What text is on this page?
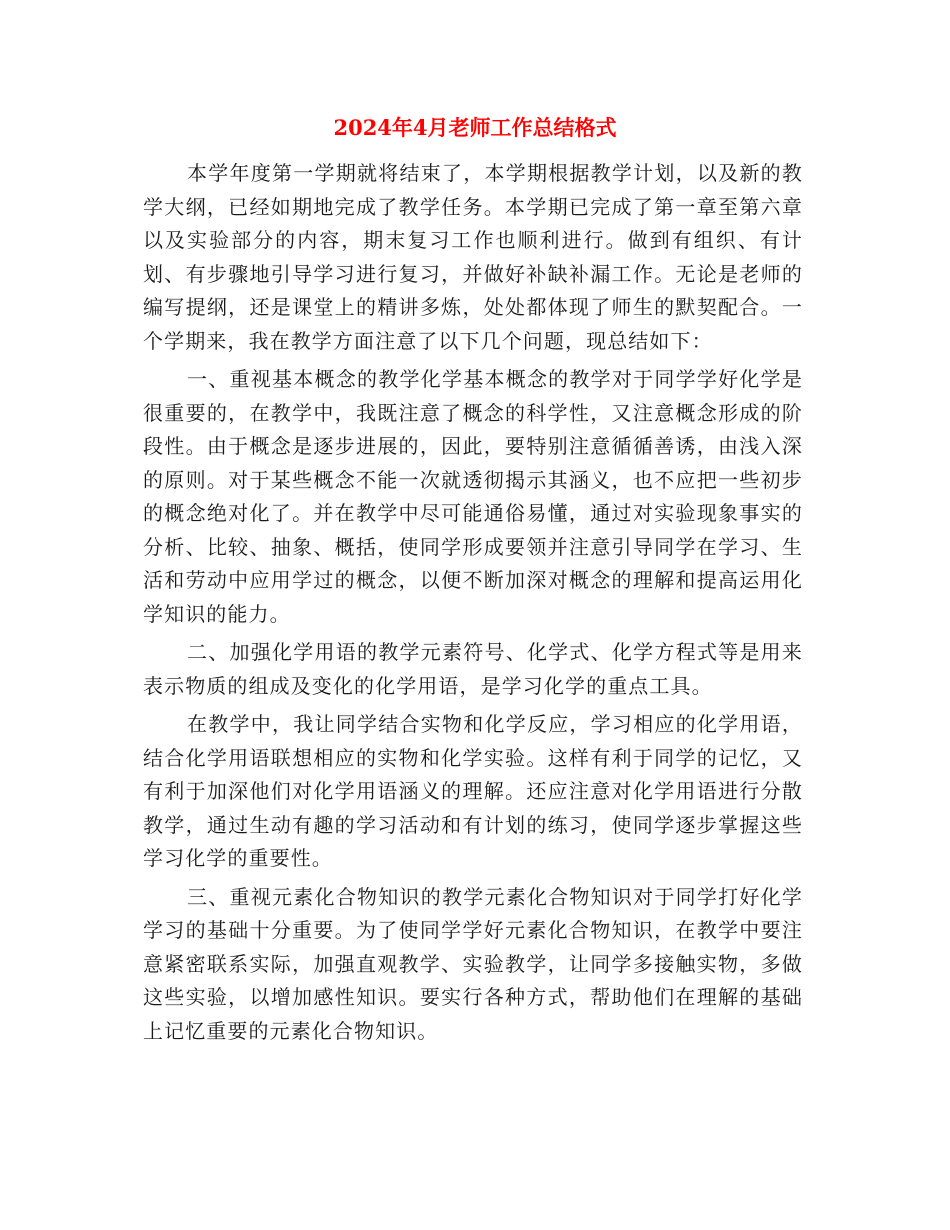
2024年4月老师工作总结格式

本学年度第一学期就将结束了，本学期根据教学计划，以及新的教学大纲，已经如期地完成了教学任务。本学期已完成了第一章至第六章以及实验部分的内容，期末复习工作也顺利进行。做到有组织、有计划、有步骤地引导学习进行复习，并做好补缺补漏工作。无论是老师的编写提纲，还是课堂上的精讲多炼，处处都体现了师生的默契配合。一个学期来，我在教学方面注意了以下几个问题，现总结如下：

一、重视基本概念的教学化学基本概念的教学对于同学学好化学是很重要的，在教学中，我既注意了概念的科学性，又注意概念形成的阶段性。由于概念是逐步进展的，因此，要特别注意循循善诱，由浅入深的原则。对于某些概念不能一次就透彻揭示其涵义，也不应把一些初步的概念绝对化了。并在教学中尽可能通俗易懂，通过对实验现象事实的分析、比较、抽象、概括，使同学形成要领并注意引导同学在学习、生活和劳动中应用学过的概念，以便不断加深对概念的理解和提高运用化学知识的能力。

二、加强化学用语的教学元素符号、化学式、化学方程式等是用来表示物质的组成及变化的化学用语，是学习化学的重点工具。

在教学中，我让同学结合实物和化学反应，学习相应的化学用语，结合化学用语联想相应的实物和化学实验。这样有利于同学的记忆，又有利于加深他们对化学用语涵义的理解。还应注意对化学用语进行分散教学，通过生动有趣的学习活动和有计划的练习，使同学逐步掌握这些学习化学的重要性。

三、重视元素化合物知识的教学元素化合物知识对于同学打好化学学习的基础十分重要。为了使同学学好元素化合物知识，在教学中要注意紧密联系实际，加强直观教学、实验教学，让同学多接触实物，多做这些实验，以增加感性知识。要实行各种方式，帮助他们在理解的基础上记忆重要的元素化合物知识。
